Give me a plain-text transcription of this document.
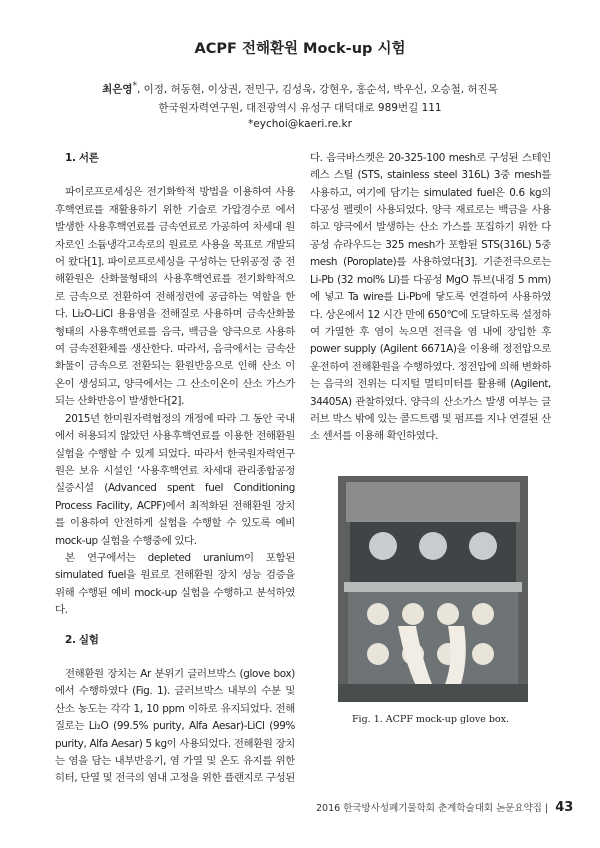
ACPF 전해환원 Mock-up 시험
최은영*, 이정, 허동현, 이상권, 전민구, 김성욱, 강현우, 홍순석, 박우신, 오승철, 허진목
한국원자력연구원, 대전광역시 유성구 대덕대로 989번길 111
*eychoi@kaeri.re.kr

1. 서론

파이로프로세싱은 전기화학적 방법을 이용하여 사용후핵연료를 재활용하기 위한 기술로 가압경수로 에서 발생한 사용후핵연료를 금속연료로 가공하여 차세대 원자로인 소듐냉각고속로의 원료로 사용을 목표로 개발되어 왔다[1]. 파이로프로세싱을 구성하는 단위공정 중 전해환원은 산화물형태의 사용후핵연료를 전기화학적으로 금속으로 전환하여 전해정련에 공급하는 역할을 한다. Li₂O-LiCl 용융염을 전해질로 사용하며 금속산화물 형태의 사용후핵연료를 음극, 백금을 양극으로 사용하여 금속전환체를 생산한다. 따라서, 음극에서는 금속산화물이 금속으로 전환되는 환원반응으로 인해 산소 이온이 생성되고, 양극에서는 그 산소이온이 산소 가스가 되는 산화반응이 발생한다[2].

2015년 한미원자력협정의 개정에 따라 그 동안 국내에서 허용되지 않았던 사용후핵연료를 이용한 전해환원 실험을 수행할 수 있게 되었다. 따라서 한국원자력연구원은 보유 시설인 ‘사용후핵연료 차세대 관리종합공정 실증시설 (Advanced spent fuel Conditioning Process Facility, ACPF)에서 최적화된 전해환원 장치를 이용하여 안전하게 실험을 수행할 수 있도록 예비 mock-up 실험을 수행중에 있다.

본 연구에서는 depleted uranium이 포함된 simulated fuel을 원료로 전해환원 장치 성능 검증을 위해 수행된 예비 mock-up 실험을 수행하고 분석하였다.

2. 실험

전해환원 장치는 Ar 분위기 글러브박스 (glove box)에서 수행하였다 (Fig. 1). 글러브박스 내부의 수분 및 산소 농도는 각각 1, 10 ppm 이하로 유지되었다. 전해질로는 Li₂O (99.5% purity, Alfa Aesar)-LiCl (99% purity, Alfa Aesar) 5 kg이 사용되었다. 전해환원 장치는 염을 담는 내부반응기, 염 가열 및 온도 유지를 위한 히터, 단열 및 전극의 염내 고정을 위한 플랜지로 구성된

다. 음극바스켓은 20-325-100 mesh로 구성된 스테인레스 스틸 (STS, stainless steel 316L) 3중 mesh를 사용하고, 여기에 담기는 simulated fuel은 0.6 kg의 다공성 펠렛이 사용되었다. 양극 재료로는 백금을 사용하고 양극에서 발생하는 산소 가스를 포집하기 위한 다공성 슈라우드는 325 mesh가 포함된 STS(316L) 5중 mesh (Poroplate)를 사용하였다[3]. 기준전극으로는 Li-Pb (32 mol% Li)를 다공성 MgO 튜브(내경 5 mm)에 넣고 Ta wire를 Li-Pb에 닿도록 연결하여 사용하였다. 상온에서 12 시간 만에 650℃에 도달하도록 설정하여 가열한 후 염이 녹으면 전극을 염 내에 장입한 후 power supply (Agilent 6671A)을 이용해 정전압으로 운전하여 전해환원을 수행하였다. 정전압에 의해 변화하는 음극의 전위는 디지털 멀티미터를 활용해 (Agilent, 34405A) 관찰하였다. 양극의 산소가스 발생 여부는 글러브 박스 밖에 있는 콜드트랩 및 펌프를 지나 연결된 산소 센서를 이용해 확인하였다.

Fig. 1. ACPF mock-up glove box.
2016 한국방사성폐기물학회 춘계학술대회 논문요약집 | 43
